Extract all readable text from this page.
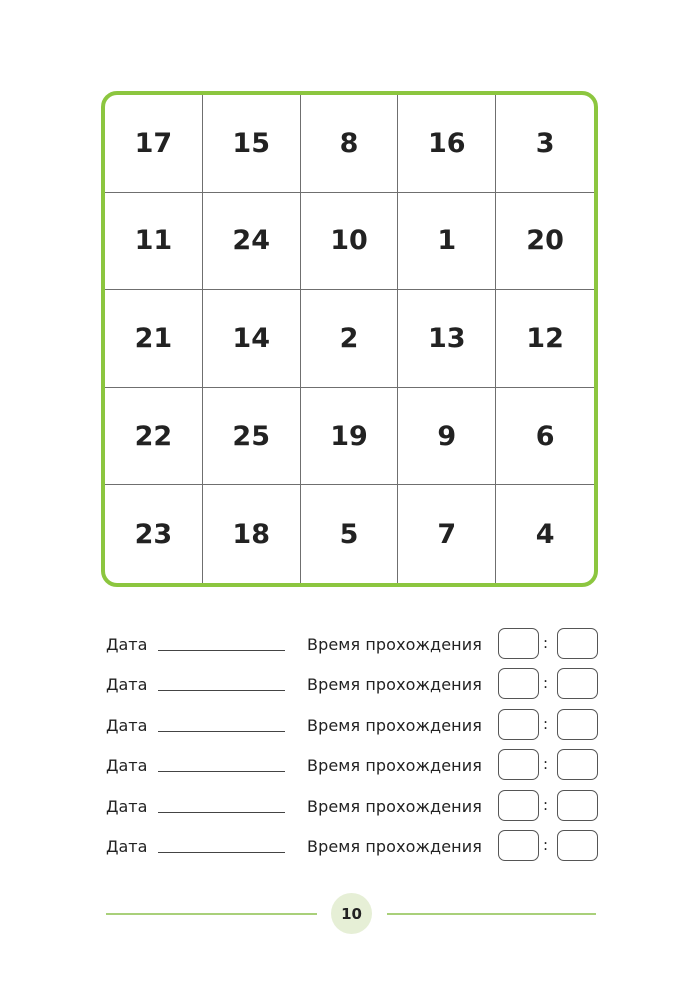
17	15	8	16	3
11	24	10	1	20
21	14	2	13	12
22	25	19	9	6
23	18	5	7	4
Дата	Время прохождения	:
Дата	Время прохождения	:
Дата	Время прохождения	:
Дата	Время прохождения	:
Дата	Время прохождения	:
Дата	Время прохождения	:
10
